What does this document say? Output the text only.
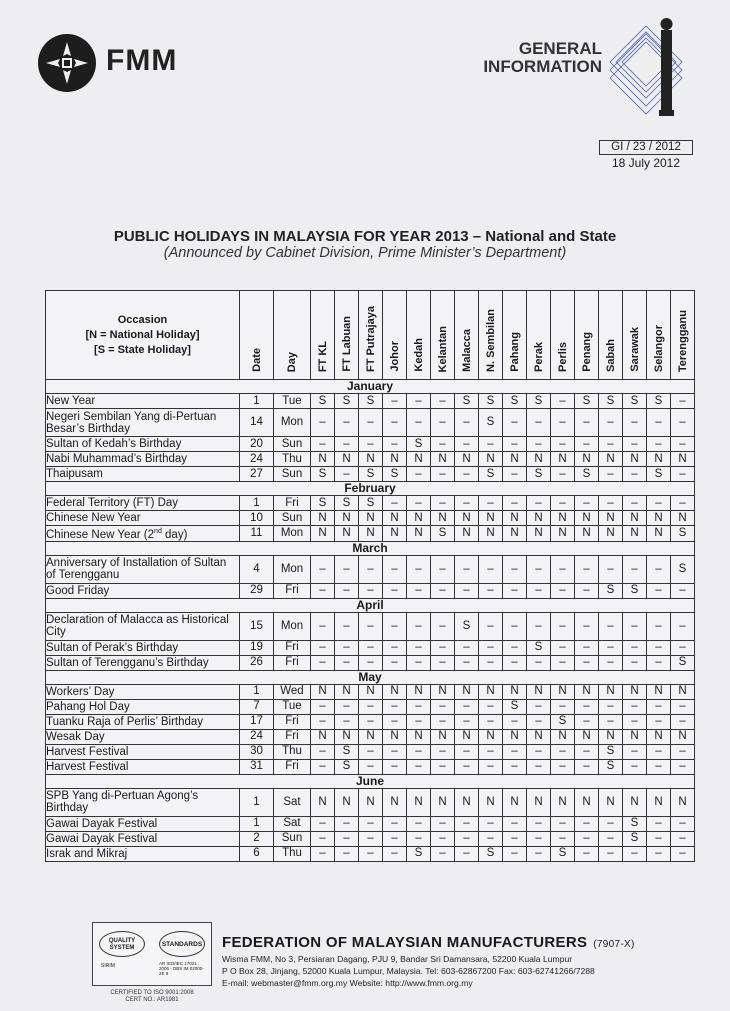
FMM	GENERAL
INFORMATION
GI / 23 / 2012
18 July 2012
PUBLIC HOLIDAYS IN MALAYSIA FOR YEAR 2013 – National and State
(Announced by Cabinet Division, Prime Minister’s Department)
Occasion
[N = National Holiday]
[S = State Holiday]	Date	Day	FT KL	FT Labuan	FT Putrajaya	Johor	Kedah	Kelantan	Malacca	N. Sembilan	Pahang	Perak	Perlis	Penang	Sabah	Sarawak	Selangor	Terengganu
January																		
New Year	1	Tue	S	S	S	–	–	–	S	S	S	S	–	S	S	S	S	–
Negeri Sembilan Yang di-Pertuan Besar’s Birthday	14	Mon	–	–	–	–	–	–	–	S	–	–	–	–	–	–	–	–
Sultan of Kedah’s Birthday	20	Sun	–	–	–	–	S	–	–	–	–	–	–	–	–	–	–	–
Nabi Muhammad’s Birthday	24	Thu	N	N	N	N	N	N	N	N	N	N	N	N	N	N	N	N
Thaipusam	27	Sun	S	–	S	S	–	–	–	S	–	S	–	S	–	–	S	–
February																		
Federal Territory (FT) Day	1	Fri	S	S	S	–	–	–	–	–	–	–	–	–	–	–	–	–
Chinese New Year	10	Sun	N	N	N	N	N	N	N	N	N	N	N	N	N	N	N	N
Chinese New Year (2nd day)	11	Mon	N	N	N	N	N	S	N	N	N	N	N	N	N	N	N	S
March																		
Anniversary of Installation of Sultan of Terengganu	4	Mon	–	–	–	–	–	–	–	–	–	–	–	–	–	–	–	S
Good Friday	29	Fri	–	–	–	–	–	–	–	–	–	–	–	–	S	S	–	–
April																		
Declaration of Malacca as Historical City	15	Mon	–	–	–	–	–	–	S	–	–	–	–	–	–	–	–	–
Sultan of Perak’s Birthday	19	Fri	–	–	–	–	–	–	–	–	–	S	–	–	–	–	–	–
Sultan of Terengganu’s Birthday	26	Fri	–	–	–	–	–	–	–	–	–	–	–	–	–	–	–	S
May																		
Workers’ Day	1	Wed	N	N	N	N	N	N	N	N	N	N	N	N	N	N	N	N
Pahang Hol Day	7	Tue	–	–	–	–	–	–	–	–	S	–	–	–	–	–	–	–
Tuanku Raja of Perlis’ Birthday	17	Fri	–	–	–	–	–	–	–	–	–	–	S	–	–	–	–	–
Wesak Day	24	Fri	N	N	N	N	N	N	N	N	N	N	N	N	N	N	N	N
Harvest Festival	30	Thu	–	S	–	–	–	–	–	–	–	–	–	–	S	–	–	–
Harvest Festival	31	Fri	–	S	–	–	–	–	–	–	–	–	–	–	S	–	–	–
June																		
SPB Yang di-Pertuan Agong’s Birthday	1	Sat	N	N	N	N	N	N	N	N	N	N	N	N	N	N	N	N
Gawai Dayak Festival	1	Sat	–	–	–	–	–	–	–	–	–	–	–	–	–	S	–	–
Gawai Dayak Festival	2	Sun	–	–	–	–	–	–	–	–	–	–	–	–	–	S	–	–
Israk and Mikraj	6	Thu	–	–	–	–	S	–	–	S	–	–	S	–	–	–	–	–
QUALITY
SYSTEM	STANDARDS
SIRIM	AR ISO/IEC 17021 : 2006 · DBS IM 02000-2E 9
CERTIFIED TO ISO 9001:2008
CERT NO.: AR1981
FEDERATION OF MALAYSIAN MANUFACTURERS (7907-X)
Wisma FMM, No 3, Persiaran Dagang, PJU 9, Bandar Sri Damansara, 52200 Kuala Lumpur
P O Box 28, Jinjang, 52000 Kuala Lumpur, Malaysia. Tel: 603-62867200 Fax: 603-62741266/7288
E-mail: webmaster@fmm.org.my Website: http://www.fmm.org.my
